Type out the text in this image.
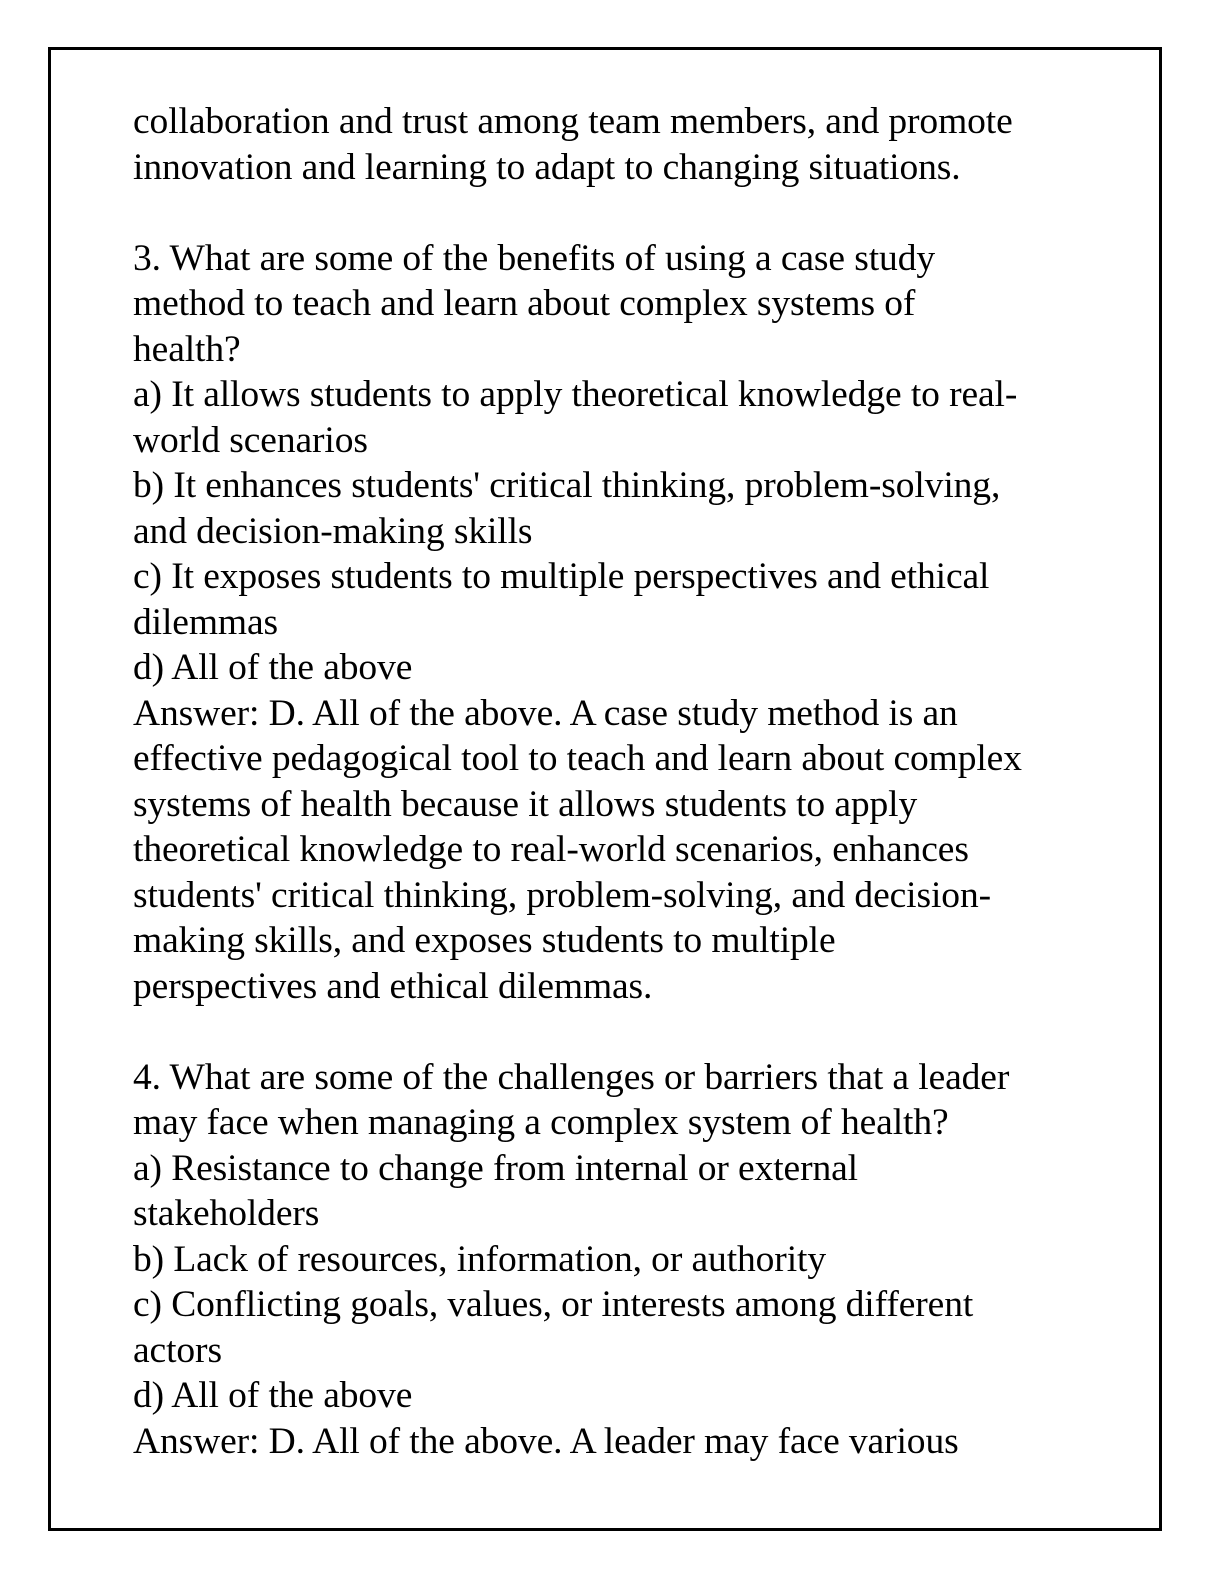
collaboration and trust among team members, and promote
innovation and learning to adapt to changing situations.
3. What are some of the benefits of using a case study
method to teach and learn about complex systems of
health?
a) It allows students to apply theoretical knowledge to real-
world scenarios
b) It enhances students' critical thinking, problem-solving,
and decision-making skills
c) It exposes students to multiple perspectives and ethical
dilemmas
d) All of the above
Answer: D. All of the above. A case study method is an
effective pedagogical tool to teach and learn about complex
systems of health because it allows students to apply
theoretical knowledge to real-world scenarios, enhances
students' critical thinking, problem-solving, and decision-
making skills, and exposes students to multiple
perspectives and ethical dilemmas.
4. What are some of the challenges or barriers that a leader
may face when managing a complex system of health?
a) Resistance to change from internal or external
stakeholders
b) Lack of resources, information, or authority
c) Conflicting goals, values, or interests among different
actors
d) All of the above
Answer: D. All of the above. A leader may face various
